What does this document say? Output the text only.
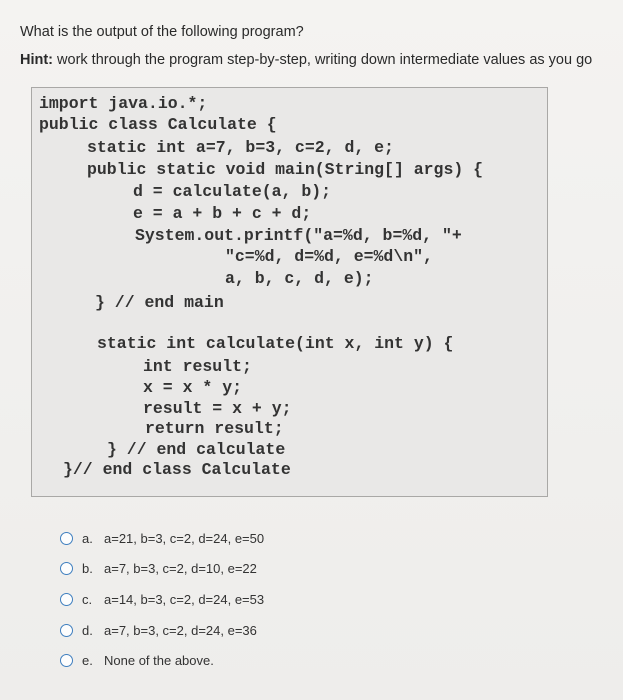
What is the output of the following program?
Hint: work through the program step-by-step, writing down intermediate values as you go
import java.io.*;
public class Calculate {
static int a=7, b=3, c=2, d, e;
public static void main(String[] args) {
d = calculate(a, b);
e = a + b + c + d;
System.out.printf("a=%d, b=%d, "+
"c=%d, d=%d, e=%d\n",
a, b, c, d, e);
} // end main
static int calculate(int x, int y) {
int result;
x = x * y;
result = x + y;
return result;
} // end calculate
}// end class Calculate
a. a=21, b=3, c=2, d=24, e=50
b. a=7, b=3, c=2, d=10, e=22
c. a=14, b=3, c=2, d=24, e=53
d. a=7, b=3, c=2, d=24, e=36
e. None of the above.
